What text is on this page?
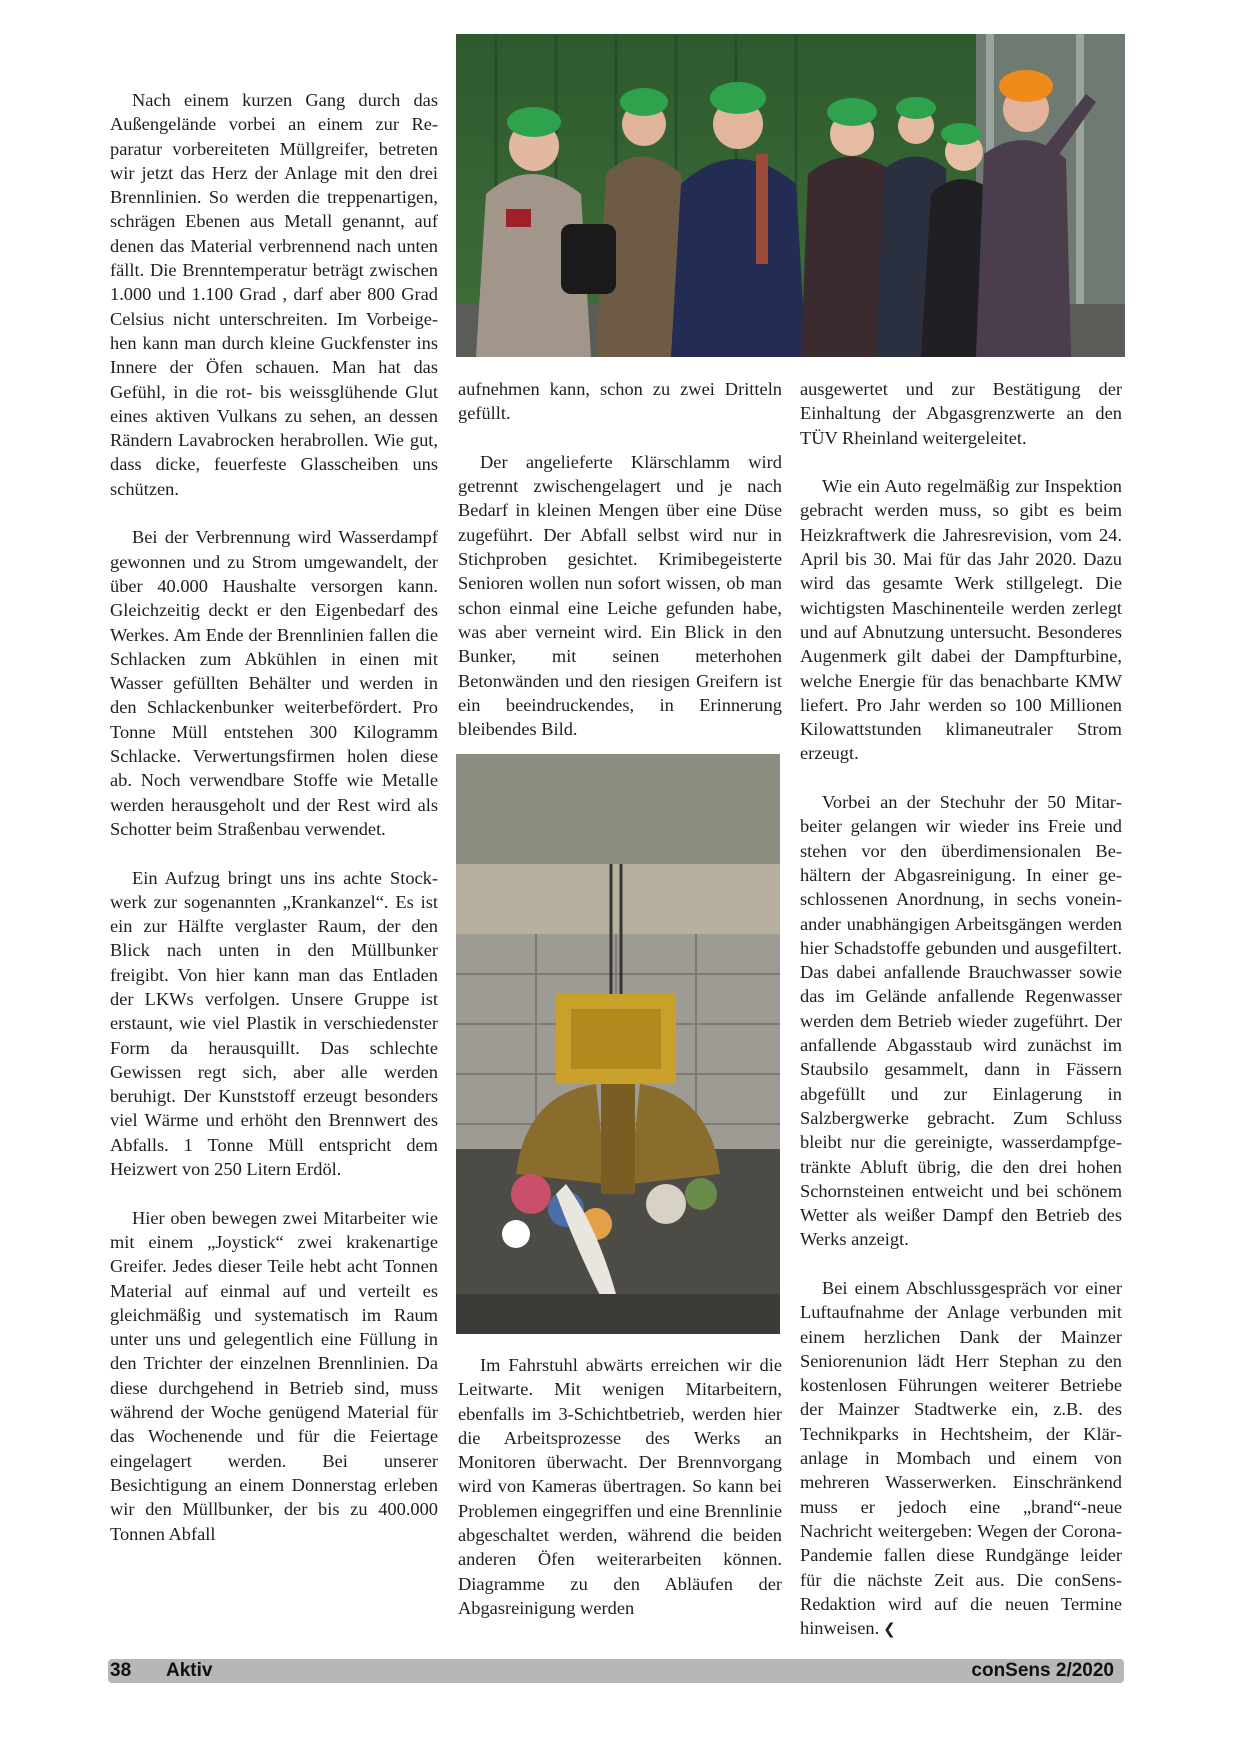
Nach einem kurzen Gang durch das Außengelände vorbei an einem zur Reparatur vorbereiteten Müllgreifer, betreten wir jetzt das Herz der Anlage mit den drei Brennlinien. So werden die treppenartigen, schrägen Ebenen aus Metall genannt, auf denen das Material verbrennend nach unten fällt. Die Brenntemperatur beträgt zwischen 1.000 und 1.100 Grad , darf aber 800 Grad Celsius nicht unterschreiten. Im Vorbeigehen kann man durch kleine Guckfenster ins Innere der Öfen schauen. Man hat das Gefühl, in die rot- bis weissglühende Glut eines aktiven Vulkans zu sehen, an dessen Rändern Lavabrocken herabrollen. Wie gut, dass dicke, feuerfeste Glasscheiben uns schützen.

Bei der Verbrennung wird Wasserdampf gewonnen und zu Strom umgewandelt, der über 40.000 Haushalte versorgen kann. Gleichzeitig deckt er den Eigenbedarf des Werkes. Am Ende der Brennlinien fallen die Schlacken zum Abkühlen in einen mit Wasser gefüllten Behälter und werden in den Schlackenbunker weiterbefördert. Pro Tonne Müll entstehen 300 Kilogramm Schlacke. Verwertungsfirmen holen diese ab. Noch verwendbare Stoffe wie Metalle werden herausgeholt und der Rest wird als Schotter beim Straßenbau verwendet.

Ein Aufzug bringt uns ins achte Stockwerk zur sogenannten „Krankanzel“. Es ist ein zur Hälfte verglaster Raum, der den Blick nach unten in den Müllbunker freigibt. Von hier kann man das Entladen der LKWs verfolgen. Unsere Gruppe ist erstaunt, wie viel Plastik in verschiedenster Form da herausquillt. Das schlechte Gewissen regt sich, aber alle werden beruhigt. Der Kunststoff erzeugt besonders viel Wärme und erhöht den Brennwert des Abfalls. 1 Tonne Müll entspricht dem Heizwert von 250 Litern Erdöl.

Hier oben bewegen zwei Mitarbeiter wie mit einem „Joystick“ zwei krakenartige Greifer. Jedes dieser Teile hebt acht Tonnen Material auf einmal auf und verteilt es gleichmäßig und systematisch im Raum unter uns und gelegentlich eine Füllung in den Trichter der einzelnen Brennlinien. Da diese durchgehend in Betrieb sind, muss während der Woche genügend Material für das Wochenende und für die Feiertage eingelagert werden. Bei unserer Besichtigung an einem Donnerstag erleben wir den Müllbunker, der bis zu 400.000 Tonnen Abfall

aufnehmen kann, schon zu zwei Dritteln gefüllt.

Der angelieferte Klärschlamm wird getrennt zwischengelagert und je nach Bedarf in kleinen Mengen über eine Düse zugeführt. Der Abfall selbst wird nur in Stichproben gesichtet. Krimibegeisterte Senioren wollen nun sofort wissen, ob man schon einmal eine Leiche gefunden habe, was aber verneint wird. Ein Blick in den Bunker, mit seinen meterhohen Betonwänden und den riesigen Greifern ist ein beeindruckendes, in Erinnerung bleibendes Bild.

Im Fahrstuhl abwärts erreichen wir die Leitwarte. Mit wenigen Mitarbeitern, ebenfalls im 3-Schichtbetrieb, werden hier die Arbeitsprozesse des Werks an Monitoren überwacht. Der Brennvorgang wird von Kameras übertragen. So kann bei Problemen eingegriffen und eine Brennlinie abgeschaltet werden, während die beiden anderen Öfen weiterarbeiten können. Diagramme zu den Abläufen der Abgasreinigung werden

ausgewertet und zur Bestätigung der Einhaltung der Abgasgrenzwerte an den TÜV Rheinland weitergeleitet.

Wie ein Auto regelmäßig zur Inspektion gebracht werden muss, so gibt es beim Heizkraftwerk die Jahresrevision, vom 24. April bis 30. Mai für das Jahr 2020. Dazu wird das gesamte Werk stillgelegt. Die wichtigsten Maschinenteile werden zerlegt und auf Abnutzung untersucht. Besonderes Augenmerk gilt dabei der Dampfturbine, welche Energie für das benachbarte KMW liefert. Pro Jahr werden so 100 Millionen Kilowattstunden klimaneutraler Strom erzeugt.

Vorbei an der Stechuhr der 50 Mitarbeiter gelangen wir wieder ins Freie und stehen vor den überdimensionalen Behältern der Abgasreinigung. In einer geschlossenen Anordnung, in sechs voneinander unabhängigen Arbeitsgängen werden hier Schadstoffe gebunden und ausgefiltert. Das dabei anfallende Brauchwasser sowie das im Gelände anfallende Regenwasser werden dem Betrieb wieder zugeführt. Der anfallende Abgasstaub wird zunächst im Staubsilo gesammelt, dann in Fässern abgefüllt und zur Einlagerung in Salzbergwerke gebracht. Zum Schluss bleibt nur die gereinigte, wasserdampfgetränkte Abluft übrig, die den drei hohen Schornsteinen entweicht und bei schönem Wetter als weißer Dampf den Betrieb des Werks anzeigt.

Bei einem Abschlussgespräch vor einer Luftaufnahme der Anlage verbunden mit einem herzlichen Dank der Mainzer Seniorenunion lädt Herr Stephan zu den kostenlosen Führungen weiterer Betriebe der Mainzer Stadtwerke ein, z.B. des Technikparks in Hechtsheim, der Kläranlage in Mombach und einem von mehreren Wasserwerken. Einschränkend muss er jedoch eine „brand“-neue Nachricht weitergeben: Wegen der Corona-Pandemie fallen diese Rundgänge leider für die nächste Zeit aus. Die conSens-Redaktion wird auf die neuen Termine hinweisen. ❮

38 Aktiv	conSens 2/2020
